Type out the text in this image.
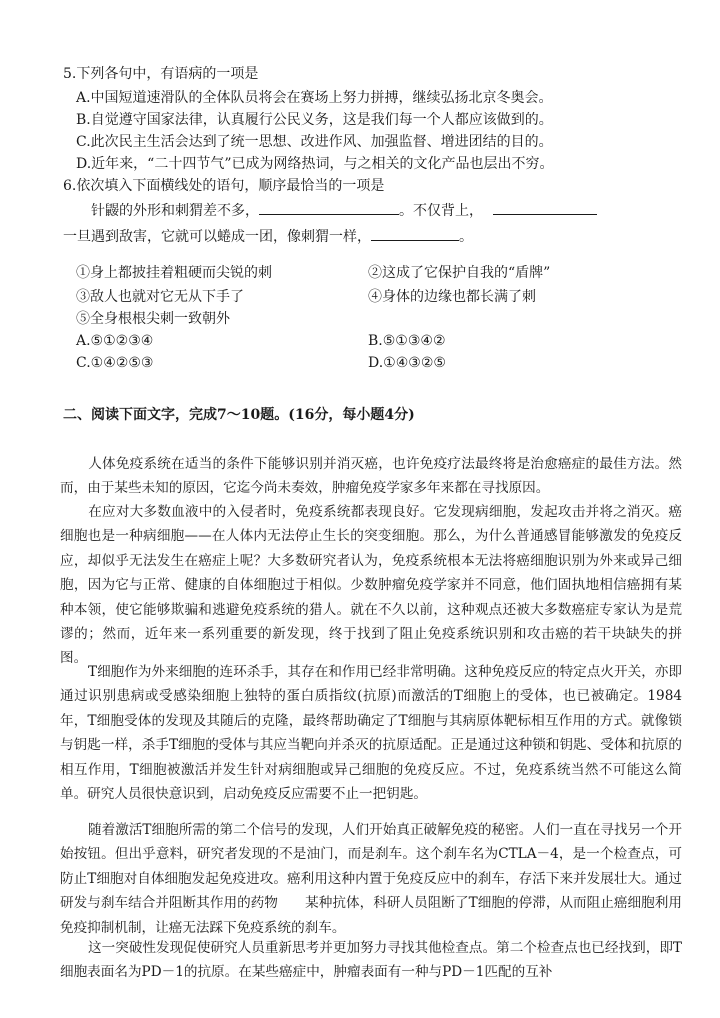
5.下列各句中，有语病的一项是
A.中国短道速滑队的全体队员将会在赛场上努力拼搏，继续弘扬北京冬奥会。
B.自觉遵守国家法律，认真履行公民义务，这是我们每一个人都应该做到的。
C.此次民主生活会达到了统一思想、改进作风、加强监督、增进团结的目的。
D.近年来，“二十四节气”已成为网络热词，与之相关的文化产品也层出不穷。
6.依次填入下面横线处的语句，顺序最恰当的一项是
针鼹的外形和刺猬差不多，	。不仅背上，
一旦遇到敌害，它就可以蜷成一团，像刺猬一样，	。
①身上都披挂着粗硬而尖锐的刺	②这成了它保护自我的“盾牌”
③敌人也就对它无从下手了	④身体的边缘也都长满了刺
⑤全身根根尖刺一致朝外
A.⑤①②③④	B.⑤①③④②
C.①④②⑤③	D.①④③②⑤
二、阅读下面文字，完成7～10题。(16分，每小题4分)
人体免疫系统在适当的条件下能够识别并消灭癌，也许免疫疗法最终将是治愈癌症的最佳方法。然而，由于某些未知的原因，它迄今尚未奏效，肿瘤免疫学家多年来都在寻找原因。
在应对大多数血液中的入侵者时，免疫系统都表现良好。它发现病细胞，发起攻击并将之消灭。癌细胞也是一种病细胞——在人体内无法停止生长的突变细胞。那么，为什么普通感冒能够激发的免疫反应，却似乎无法发生在癌症上呢？大多数研究者认为，免疫系统根本无法将癌细胞识别为外来或异己细胞，因为它与正常、健康的自体细胞过于相似。少数肿瘤免疫学家并不同意，他们固执地相信癌拥有某种本领，使它能够欺骗和逃避免疫系统的猎人。就在不久以前，这种观点还被大多数癌症专家认为是荒谬的；然而，近年来一系列重要的新发现，终于找到了阻止免疫系统识别和攻击癌的若干块缺失的拼图。
T细胞作为外来细胞的连环杀手，其存在和作用已经非常明确。这种免疫反应的特定点火开关，亦即通过识别患病或受感染细胞上独特的蛋白质指纹(抗原)而激活的T细胞上的受体，也已被确定。1984年，T细胞受体的发现及其随后的克隆，最终帮助确定了T细胞与其病原体靶标相互作用的方式。就像锁与钥匙一样，杀手T细胞的受体与其应当靶向并杀灭的抗原适配。正是通过这种锁和钥匙、受体和抗原的相互作用，T细胞被激活并发生针对病细胞或异己细胞的免疫反应。不过，免疫系统当然不可能这么简单。研究人员很快意识到，启动免疫反应需要不止一把钥匙。
随着激活T细胞所需的第二个信号的发现，人们开始真正破解免疫的秘密。人们一直在寻找另一个开始按钮。但出乎意料，研究者发现的不是油门，而是刹车。这个刹车名为CTLA－4，是一个检查点，可防止T细胞对自体细胞发起免疫进攻。癌利用这种内置于免疫反应中的刹车，存活下来并发展壮大。通过研发与刹车结合并阻断其作用的药物　　某种抗体，科研人员阻断了T细胞的停滞，从而阻止癌细胞利用免疫抑制机制，让癌无法踩下免疫系统的刹车。
这一突破性发现促使研究人员重新思考并更加努力寻找其他检查点。第二个检查点也已经找到，即T细胞表面名为PD－1的抗原。在某些癌症中，肿瘤表面有一种与PD－1匹配的互补
